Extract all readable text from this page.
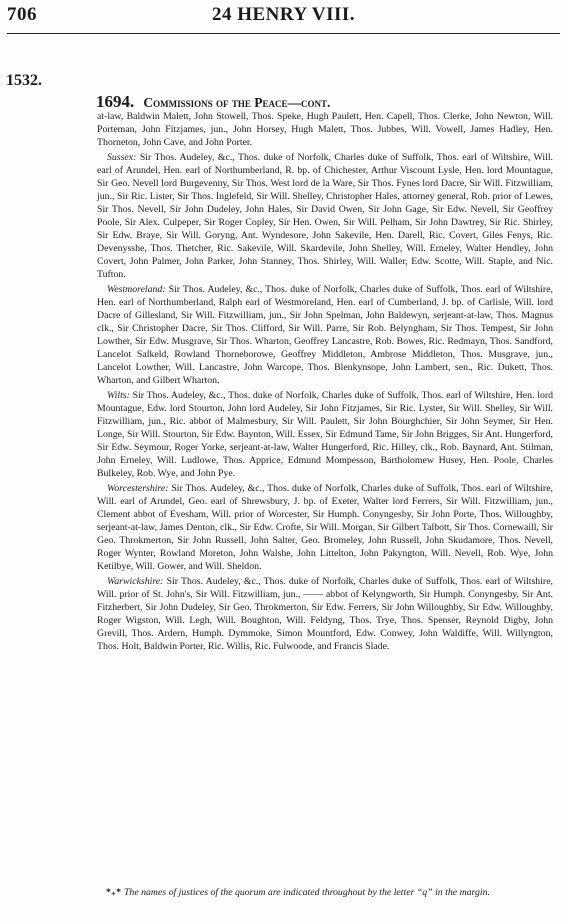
706	24 HENRY VIII.
1532.
1694. Commissions of the Peace—cont.

at-law, Baldwin Malett, John Stowell, Thos. Speke, Hugh Paulett, Hen. Capell, Thos. Clerke, John Newton, Will. Porteman, John Fitzjames, jun., John Horsey, Hugh Malett, Thos. Jubbes, Will. Vowell, James Hadley, Hen. Thorneton, John Cave, and John Porter.

Sussex: Sir Thos. Audeley, &c., Thos. duke of Norfolk, Charles duke of Suffolk, Thos. earl of Wiltshire, Will. earl of Arundel, Hen. earl of Northumberland, R. bp. of Chichester, Arthur Viscount Lysle, Hen. lord Mountague, Sir Geo. Nevell lord Burgevenny, Sir Thos. West lord de la Ware, Sir Thos. Fynes lord Dacre, Sir Will. Fitzwilliam, jun., Sir Ric. Lister, Sir Thos. Inglefeld, Sir Will. Shelley, Christopher Hales, attorney general, Rob. prior of Lewes, Sir Thos. Nevell, Sir John Dudeley, John Hales, Sir David Owen, Sir John Gage, Sir Edw. Nevell, Sir Geoffrey Poole, Sir Alex. Culpeper, Sir Roger Copley, Sir Hen. Owen, Sir Will. Pelham, Sir John Dawtrey, Sir Ric. Shirley, Sir Edw. Braye, Sir Will. Goryng, Ant. Wyndesore, John Sakevile, Hen. Darell, Ric. Covert, Giles Fenys, Ric. Devenysshe, Thos. Thetcher, Ric. Sakevile, Will. Skardevile, John Shelley, Will. Erneley, Walter Hendley, John Covert, John Palmer, John Parker, John Stanney, Thos. Shirley, Will. Waller, Edw. Scotte, Will. Staple, and Nic. Tufton.

Westmoreland: Sir Thos. Audeley, &c., Thos. duke of Norfolk, Charles duke of Suffolk, Thos. earl of Wiltshire, Hen. earl of Northumberland, Ralph earl of Westmoreland, Hen. earl of Cumberland, J. bp. of Carlisle, Will. lord Dacre of Gillesland, Sir Will. Fitzwilliam, jun., Sir John Spelman, John Baldewyn, serjeant-at-law, Thos. Magnus clk., Sir Christopher Dacre, Sir Thos. Clifford, Sir Will. Parre, Sir Rob. Belyngham, Sir Thos. Tempest, Sir John Lowther, Sir Edw. Musgrave, Sir Thos. Wharton, Geoffrey Lancastre, Rob. Bowes, Ric. Redmayn, Thos. Sandford, Lancelot Salkeld, Rowland Thorneborowe, Geoffrey Middleton, Ambrose Middleton, Thos. Musgrave, jun., Lancelot Lowther, Will. Lancastre, John Warcope, Thos. Blenkynsope, John Lambert, sen., Ric. Dukett, Thos. Wharton, and Gilbert Wharton.

Wilts: Sir Thos. Audeley, &c., Thos. duke of Norfolk, Charles duke of Suffolk, Thos. earl of Wiltshire, Hen. lord Mountague, Edw. lord Stourton, John lord Audeley, Sir John Fitzjames, Sir Ric. Lyster, Sir Will. Shelley, Sir Will. Fitzwilliam, jun., Ric. abbot of Malmesbury, Sir Will. Paulett, Sir John Bourghchier, Sir John Seymer, Sir Hen. Longe, Sir Will. Stourton, Sir Edw. Baynton, Will. Essex, Sir Edmund Tame, Sir John Brigges, Sir Ant. Hungerford, Sir Edw. Seymour, Roger Yorke, serjeant-at-law, Walter Hungerford, Ric. Hilley, clk., Rob. Baynard, Ant. Stilman, John Erneley, Will. Ludlowe, Thos. Apprice, Edmund Mompesson, Bartholomew Husey, Hen. Poole, Charles Bulkeley, Rob. Wye, and John Pye.

Worcestershire: Sir Thos. Audeley, &c., Thos. duke of Norfolk, Charles duke of Suffolk, Thos. earl of Wiltshire, Will. earl of Arundel, Geo. earl of Shrewsbury, J. bp. of Exeter, Walter lord Ferrers, Sir Will. Fitzwilliam, jun., Clement abbot of Evesham, Will. prior of Worcester, Sir Humph. Conyngesby, Sir John Porte, Thos. Willoughby, serjeant-at-law, James Denton, clk., Sir Edw. Crofte, Sir Will. Morgan, Sir Gilbert Talbott, Sir Thos. Cornewaill, Sir Geo. Throkmerton, Sir John Russell, John Salter, Geo. Bromeley, John Russell, John Skudamore, Thos. Nevell, Roger Wynter, Rowland Moreton, John Walshe, John Littelton, John Pakyngton, Will. Nevell, Rob. Wye, John Ketilbye, Will. Gower, and Will. Sheldon.

Warwickshire: Sir Thos. Audeley, &c., Thos. duke of Norfolk, Charles duke of Suffolk, Thos. earl of Wiltshire, Will. prior of St. John's, Sir Will. Fitzwilliam, jun., —— abbot of Kelyngworth, Sir Humph. Conyngesby, Sir Ant. Fitzherbert, Sir John Dudeley, Sir Geo. Throkmerton, Sir Edw. Ferrers, Sir John Willoughby, Sir Edw. Willoughby, Roger Wigston, Will. Legh, Will. Boughton, Will. Feldyng, Thos. Trye, Thos. Spenser, Reynold Digby, John Grevill, Thos. Ardern, Humph. Dymmoke, Simon Mountford, Edw. Conwey, John Waldiffe, Will. Willyngton, Thos. Holt, Baldwin Porter, Ric. Willis, Ric. Fulwoode, and Francis Slade.

*₊* The names of justices of the quorum are indicated throughout by the letter “q” in the margin.
